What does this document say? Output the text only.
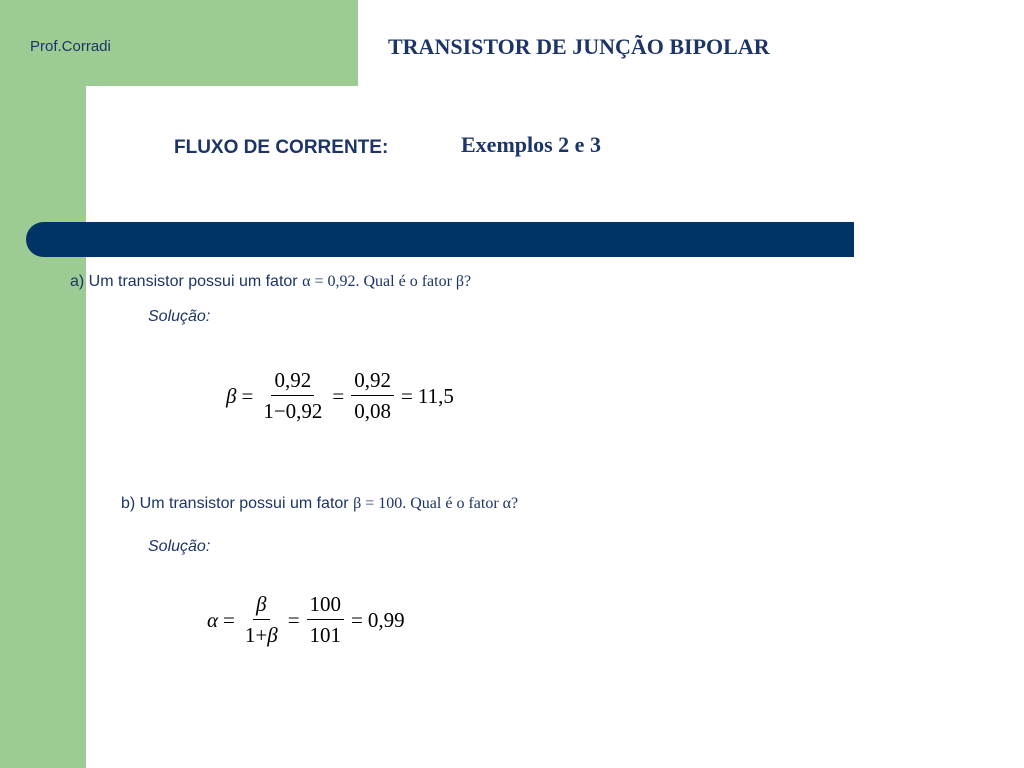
Prof.Corradi	TRANSISTOR DE JUNÇÃO BIPOLAR
FLUXO DE CORRENTE:	Exemplos 2 e 3
a) Um transistor possui um fator α = 0,92. Qual é o fator β?
Solução:
$\beta = \frac{0,92}{1-0,92} = \frac{0,92}{0,08} = 11,5$
b) Um transistor possui um fator β = 100. Qual é o fator α?
Solução:
$\alpha = \frac{\beta}{1+\beta} = \frac{100}{101} = 0,99$
